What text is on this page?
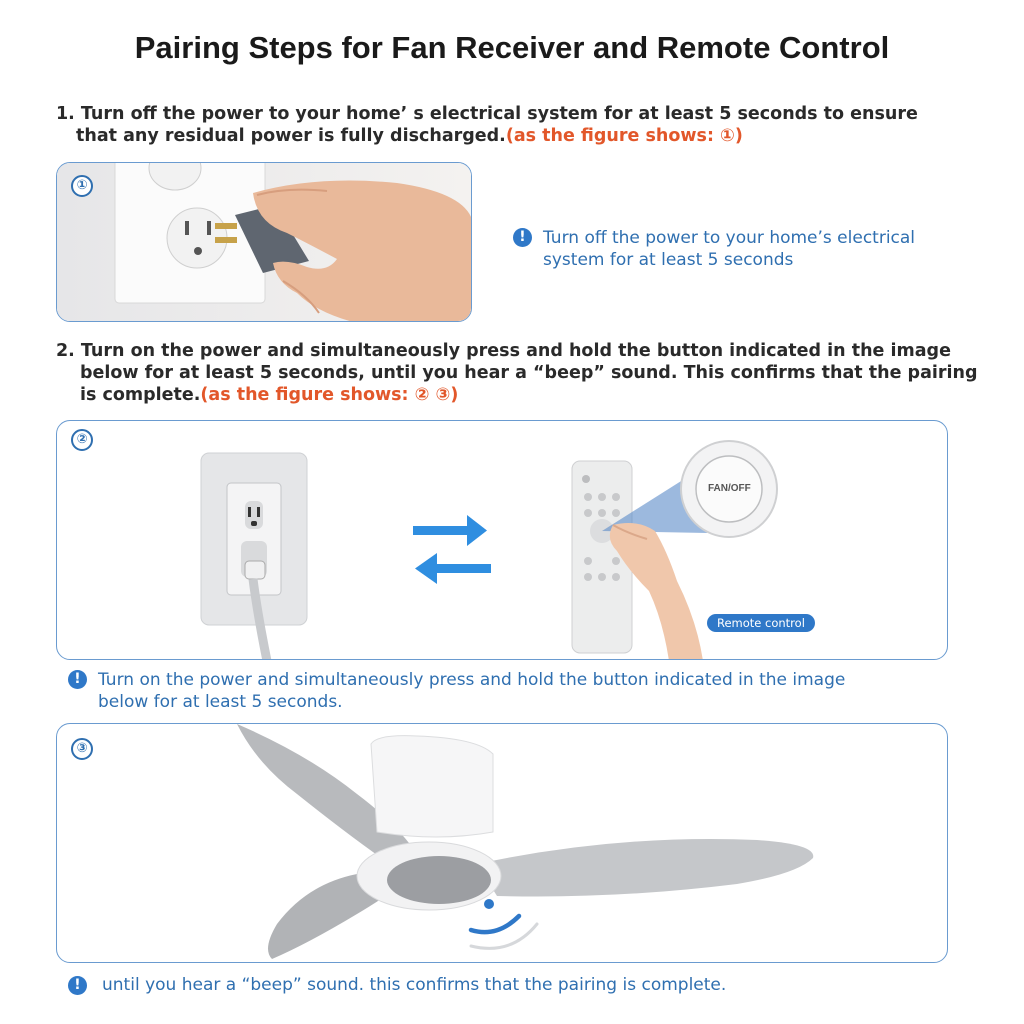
Pairing Steps for Fan Receiver and Remote Control
1. Turn off the power to your home’ s electrical system for at least 5 seconds to ensure
that any residual power is fully discharged.(as the figure shows: ①)
①
!	Turn off the power to your home’s electrical
system for at least 5 seconds
2. Turn on the power and simultaneously press and hold the button indicated in the image
below for at least 5 seconds, until you hear a “beep” sound. This confirms that the pairing
is complete.(as the figure shows: ② ③)
②
FAN/OFF
Remote control
!	Turn on the power and simultaneously press and hold the button indicated in the image
below for at least 5 seconds.
③
!	until you hear a “beep” sound. this confirms that the pairing is complete.
